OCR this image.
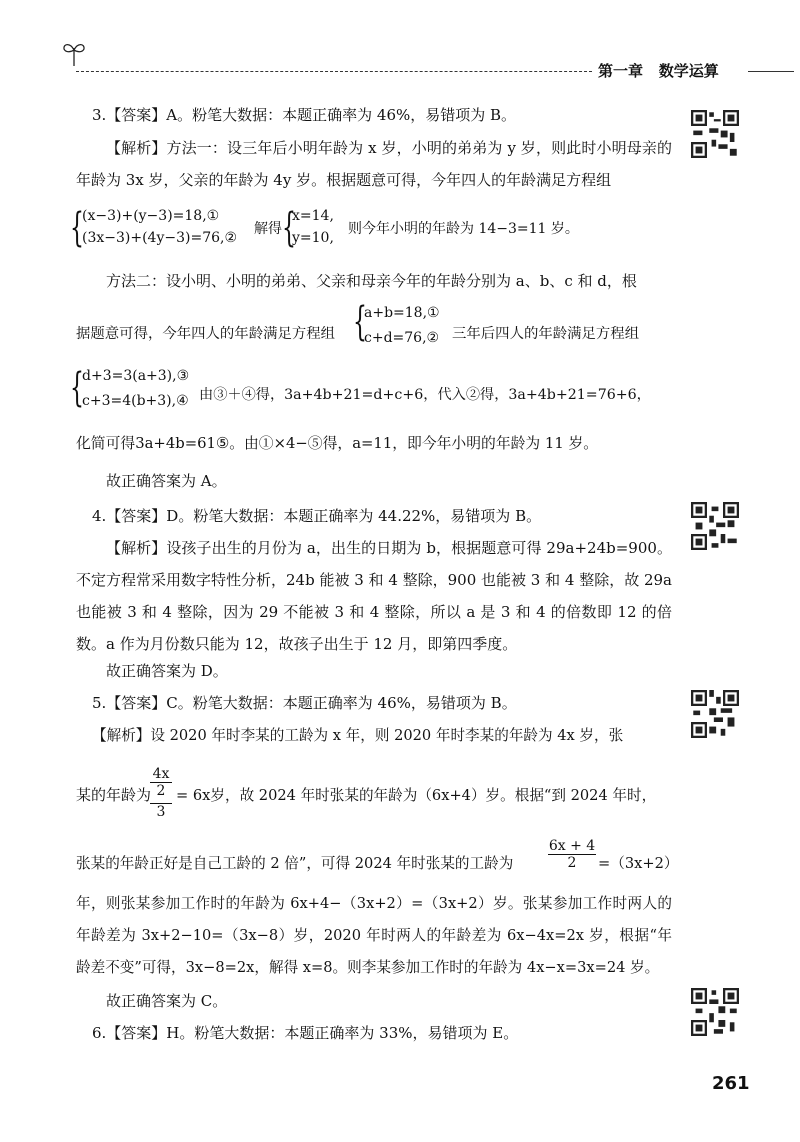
第一章 数学运算
3.【答案】A。粉笔大数据：本题正确率为 46%，易错项为 B。

【解析】方法一：设三年后小明年龄为 x 岁，小明的弟弟为 y 岁，则此时小明母亲的年龄为 3x 岁，父亲的年龄为 4y 岁。根据题意可得，今年四人的年龄满足方程组

{
(x−3)+(y−3)=18,①
(3x−3)+(4y−3)=76,②
解得 {
x=14,
y=10,
则今年小明的年龄为 14−3=11 岁。
方法二：设小明、小明的弟弟、父亲和母亲今年的年龄分别为 a、b、c 和 d，根
据题意可得，今年四人的年龄满足方程组 {
a+b=18,①
c+d=76,② 三年后四人的年龄满足方程组
{
d+3=3(a+3),③
c+3=4(b+3),④ 由③＋④得，3a+4b+21=d+c+6，代入②得，3a+4b+21=76+6，
化简可得3a+4b=61⑤。由①×4−⑤得，a=11，即今年小明的年龄为 11 岁。
故正确答案为 A。
4.【答案】D。粉笔大数据：本题正确率为 44.22%，易错项为 B。

【解析】设孩子出生的月份为 a，出生的日期为 b，根据题意可得 29a+24b=900。不定方程常采用数字特性分析，24b 能被 3 和 4 整除，900 也能被 3 和 4 整除，故 29a 也能被 3 和 4 整除，因为 29 不能被 3 和 4 整除，所以 a 是 3 和 4 的倍数即 12 的倍数。a 作为月份数只能为 12，故孩子出生于 12 月，即第四季度。

故正确答案为 D。
5.【答案】C。粉笔大数据：本题正确率为 46%，易错项为 B。
【解析】设 2020 年时李某的工龄为 x 年，则 2020 年时李某的年龄为 4x 岁，张
某的年龄为
4x
2
3
= 6x岁，故 2024 年时张某的年龄为（6x+4）岁。根据“到 2024 年时，
张某的年龄正好是自己工龄的 2 倍”，可得 2024 年时张某的工龄为 $\frac{6x + 4}{2} =(3x+2)$

年，则张某参加工作时的年龄为 6x+4−（3x+2）=（3x+2）岁。张某参加工作时两人的年龄差为 3x+2−10=（3x−8）岁，2020 年时两人的年龄差为 6x−4x=2x 岁，根据“年龄差不变”可得，3x−8=2x，解得 x=8。则李某参加工作时的年龄为 4x−x=3x=24 岁。

故正确答案为 C。
6.【答案】H。粉笔大数据：本题正确率为 33%，易错项为 E。
261
